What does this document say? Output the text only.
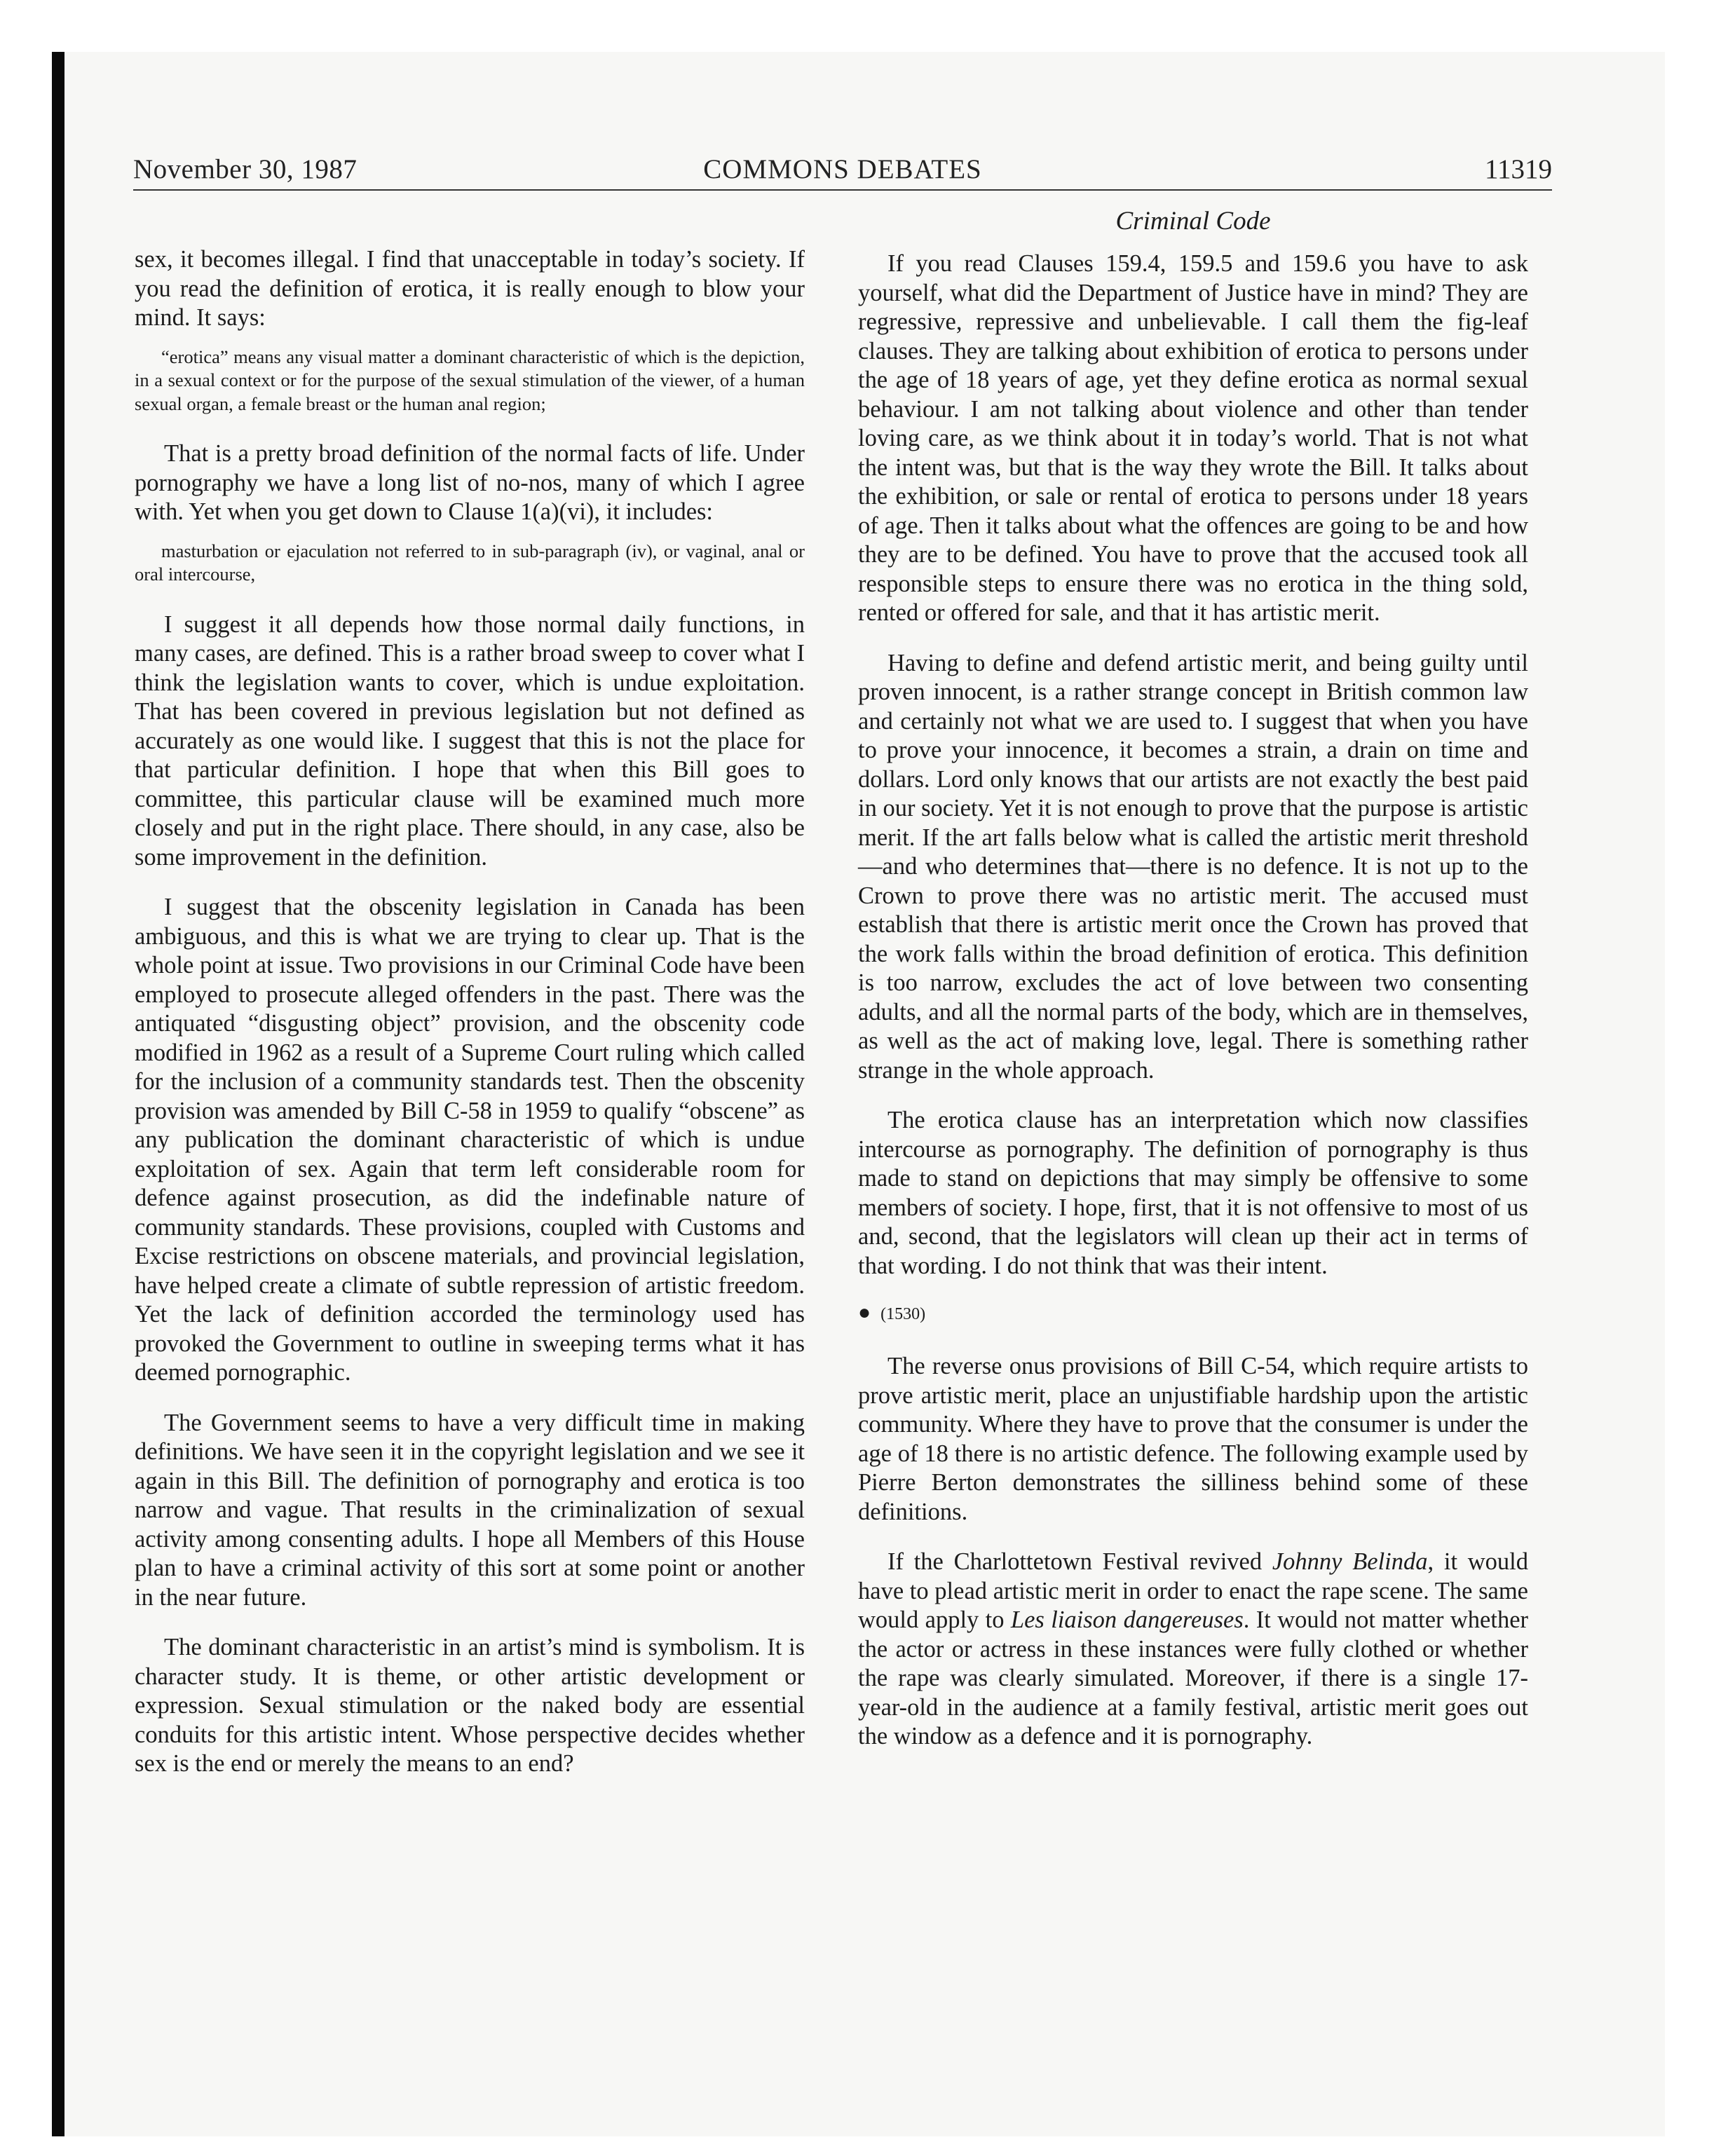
November 30, 1987	COMMONS DEBATES	11319

sex, it becomes illegal. I find that unacceptable in today’s society. If you read the definition of erotica, it is really enough to blow your mind. It says:

“erotica” means any visual matter a dominant characteristic of which is the depiction, in a sexual context or for the purpose of the sexual stimulation of the viewer, of a human sexual organ, a female breast or the human anal region;

That is a pretty broad definition of the normal facts of life. Under pornography we have a long list of no-nos, many of which I agree with. Yet when you get down to Clause 1(a)(vi), it includes:

masturbation or ejaculation not referred to in sub-paragraph (iv), or vaginal, anal or oral intercourse,

I suggest it all depends how those normal daily functions, in many cases, are defined. This is a rather broad sweep to cover what I think the legislation wants to cover, which is undue exploitation. That has been covered in previous legislation but not defined as accurately as one would like. I suggest that this is not the place for that particular definition. I hope that when this Bill goes to committee, this particular clause will be examined much more closely and put in the right place. There should, in any case, also be some improvement in the definition.

I suggest that the obscenity legislation in Canada has been ambiguous, and this is what we are trying to clear up. That is the whole point at issue. Two provisions in our Criminal Code have been employed to prosecute alleged offenders in the past. There was the antiquated “disgusting object” provision, and the obscenity code modified in 1962 as a result of a Supreme Court ruling which called for the inclusion of a community standards test. Then the obscenity provision was amended by Bill C-58 in 1959 to qualify “obscene” as any publication the dominant characteristic of which is undue exploitation of sex. Again that term left considerable room for defence against prosecution, as did the indefinable nature of community standards. These provisions, coupled with Customs and Excise restrictions on obscene materials, and provincial legislation, have helped create a climate of subtle repression of artistic freedom. Yet the lack of definition accorded the terminology used has provoked the Government to outline in sweeping terms what it has deemed pornographic.

The Government seems to have a very difficult time in making definitions. We have seen it in the copyright legislation and we see it again in this Bill. The definition of pornography and erotica is too narrow and vague. That results in the criminalization of sexual activity among consenting adults. I hope all Members of this House plan to have a criminal activity of this sort at some point or another in the near future.

The dominant characteristic in an artist’s mind is symbolism. It is character study. It is theme, or other artistic development or expression. Sexual stimulation or the naked body are essential conduits for this artistic intent. Whose perspective decides whether sex is the end or merely the means to an end?

Criminal Code

If you read Clauses 159.4, 159.5 and 159.6 you have to ask yourself, what did the Department of Justice have in mind? They are regressive, repressive and unbelievable. I call them the fig-leaf clauses. They are talking about exhibition of erotica to persons under the age of 18 years of age, yet they define erotica as normal sexual behaviour. I am not talking about violence and other than tender loving care, as we think about it in today’s world. That is not what the intent was, but that is the way they wrote the Bill. It talks about the exhibition, or sale or rental of erotica to persons under 18 years of age. Then it talks about what the offences are going to be and how they are to be defined. You have to prove that the accused took all responsible steps to ensure there was no erotica in the thing sold, rented or offered for sale, and that it has artistic merit.

Having to define and defend artistic merit, and being guilty until proven innocent, is a rather strange concept in British common law and certainly not what we are used to. I suggest that when you have to prove your innocence, it becomes a strain, a drain on time and dollars. Lord only knows that our artists are not exactly the best paid in our society. Yet it is not enough to prove that the purpose is artistic merit. If the art falls below what is called the artistic merit threshold—and who determines that—there is no defence. It is not up to the Crown to prove there was no artistic merit. The accused must establish that there is artistic merit once the Crown has proved that the work falls within the broad definition of erotica. This definition is too narrow, excludes the act of love between two consenting adults, and all the normal parts of the body, which are in themselves, as well as the act of making love, legal. There is something rather strange in the whole approach.

The erotica clause has an interpretation which now classifies intercourse as pornography. The definition of pornography is thus made to stand on depictions that may simply be offensive to some members of society. I hope, first, that it is not offensive to most of us and, second, that the legislators will clean up their act in terms of that wording. I do not think that was their intent.

● (1530)

The reverse onus provisions of Bill C-54, which require artists to prove artistic merit, place an unjustifiable hardship upon the artistic community. Where they have to prove that the consumer is under the age of 18 there is no artistic defence. The following example used by Pierre Berton demonstrates the silliness behind some of these definitions.

If the Charlottetown Festival revived Johnny Belinda, it would have to plead artistic merit in order to enact the rape scene. The same would apply to Les liaison dangereuses. It would not matter whether the actor or actress in these instances were fully clothed or whether the rape was clearly simulated. Moreover, if there is a single 17-year-old in the audience at a family festival, artistic merit goes out the window as a defence and it is pornography.
